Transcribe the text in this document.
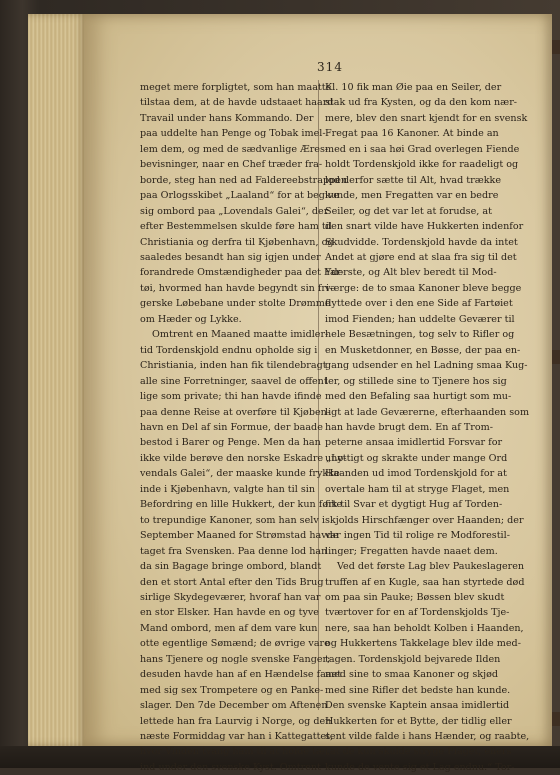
314
meget mere forpligtet, som han maatte
tilstaa dem, at de havde udstaaet haard
Travail under hans Kommando. Der
paa uddelte han Penge og Tobak imel-
lem dem, og med de sædvanlige Æres-
bevisninger, naar en Chef træder fra-
borde, steg han ned ad Faldereebstrappen
paa Orlogsskibet „Laaland“ for at begive
sig ombord paa „Lovendals Galei“, der
efter Bestemmelsen skulde føre ham til
Christiania og derfra til Kjøbenhavn, og
saaledes besandt han sig igjen under
forandrede Omstændigheder paa det Far-
tøi, hvormed han havde begyndt sin fri-
gerske Løbebane under stolte Drømme
om Hæder og Lykke.
Omtrent en Maaned maatte imidler-
tid Tordenskjold endnu opholde sig i
Christiania, inden han fik tilendebragt
alle sine Forretninger, saavel de offent
lige som private; thi han havde ifinde
paa denne Reise at overføre til Kjøben-
havn en Del af sin Formue, der baade
bestod i Barer og Penge. Men da han
ikke vilde berøve den norske Eskadre „Lo-
vendals Galei“, der maaske kunde frykke
inde i Kjøbenhavn, valgte han til sin
Befordring en lille Hukkert, der kun førte
to trepundige Kanoner, som han selv i
September Maaned for Strømstad havde
taget fra Svensken. Paa denne lod han
da sin Bagage bringe ombord, blandt
den et stort Antal efter den Tids Brug
sirlige Skydegeværer, hvoraf han var
en stor Elsker. Han havde en og tyve
Mand ombord, men af dem vare kun
otte egentlige Sømænd; de øvrige vare
hans Tjenere og nogle svenske Fanger;
desuden havde han af en Hændelse faaet
med sig sex Trompetere og en Panke-
slager. Den 7de December om Aftenen
lettede han fra Laurvig i Norge, og den
næste Formiddag var han i Kattegattet,
hvor Vinden tvang ham til at holde tæt
ind under den svenske Kyst. Omtrent
Kl. 10 fik man Øie paa en Seiler, der
stak ud fra Kysten, og da den kom nær-
mere, blev den snart kjendt for en svensk
Fregat paa 16 Kanoner. At binde an
med en i saa høi Grad overlegen Fiende
holdt Tordenskjold ikke for raadeligt og
lod derfor sætte til Alt, hvad trække
kunde, men Fregatten var en bedre
Seiler, og det var let at forudse, at
den snart vilde have Hukkerten indenfor
Skudvidde. Tordenskjold havde da intet
Andet at gjøre end at slaa fra sig til det
Yderste, og Alt blev beredt til Mod-
værge: de to smaa Kanoner bleve begge
flyttede over i den ene Side af Fartøiet
imod Fienden; han uddelte Geværer til
hele Besætningen, tog selv to Rifler og
en Musketdonner, en Bøsse, der paa en-
gang udsender en hel Ladning smaa Kug-
ler, og stillede sine to Tjenere hos sig
med den Befaling saa hurtigt som mu-
ligt at lade Geværerne, efterhaanden som
han havde brugt dem. En af Trom-
peterne ansaa imidlertid Forsvar for
unyttigt og skrakte under mange Ord
Haanden ud imod Tordenskjold for at
overtale ham til at stryge Flaget, men
fik til Svar et dygtigt Hug af Torden-
skjolds Hirschfænger over Haanden; der
var ingen Tid til rolige re Modforestil-
linger; Fregatten havde naaet dem.
Ved det første Lag blev Paukeslageren
truffen af en Kugle, saa han styrtede død
om paa sin Pauke; Bøssen blev skudt
tværtover for en af Tordenskjolds Tje-
nere, saa han beholdt Kolben i Haanden,
og Hukkertens Takkelage blev ilde med-
tagen. Tordenskjold bejvarede Ilden
med sine to smaa Kanoner og skjød
med sine Rifler det bedste han kunde.
Den svenske Kaptein ansaa imidlertid
Hukkerten for et Bytte, der tidlig eller
sent vilde falde i hans Hænder, og raabte,
„at de kun skulde stryge Flaget, ellers
kunde de vente sig et Lag endnu.“ Tor-
